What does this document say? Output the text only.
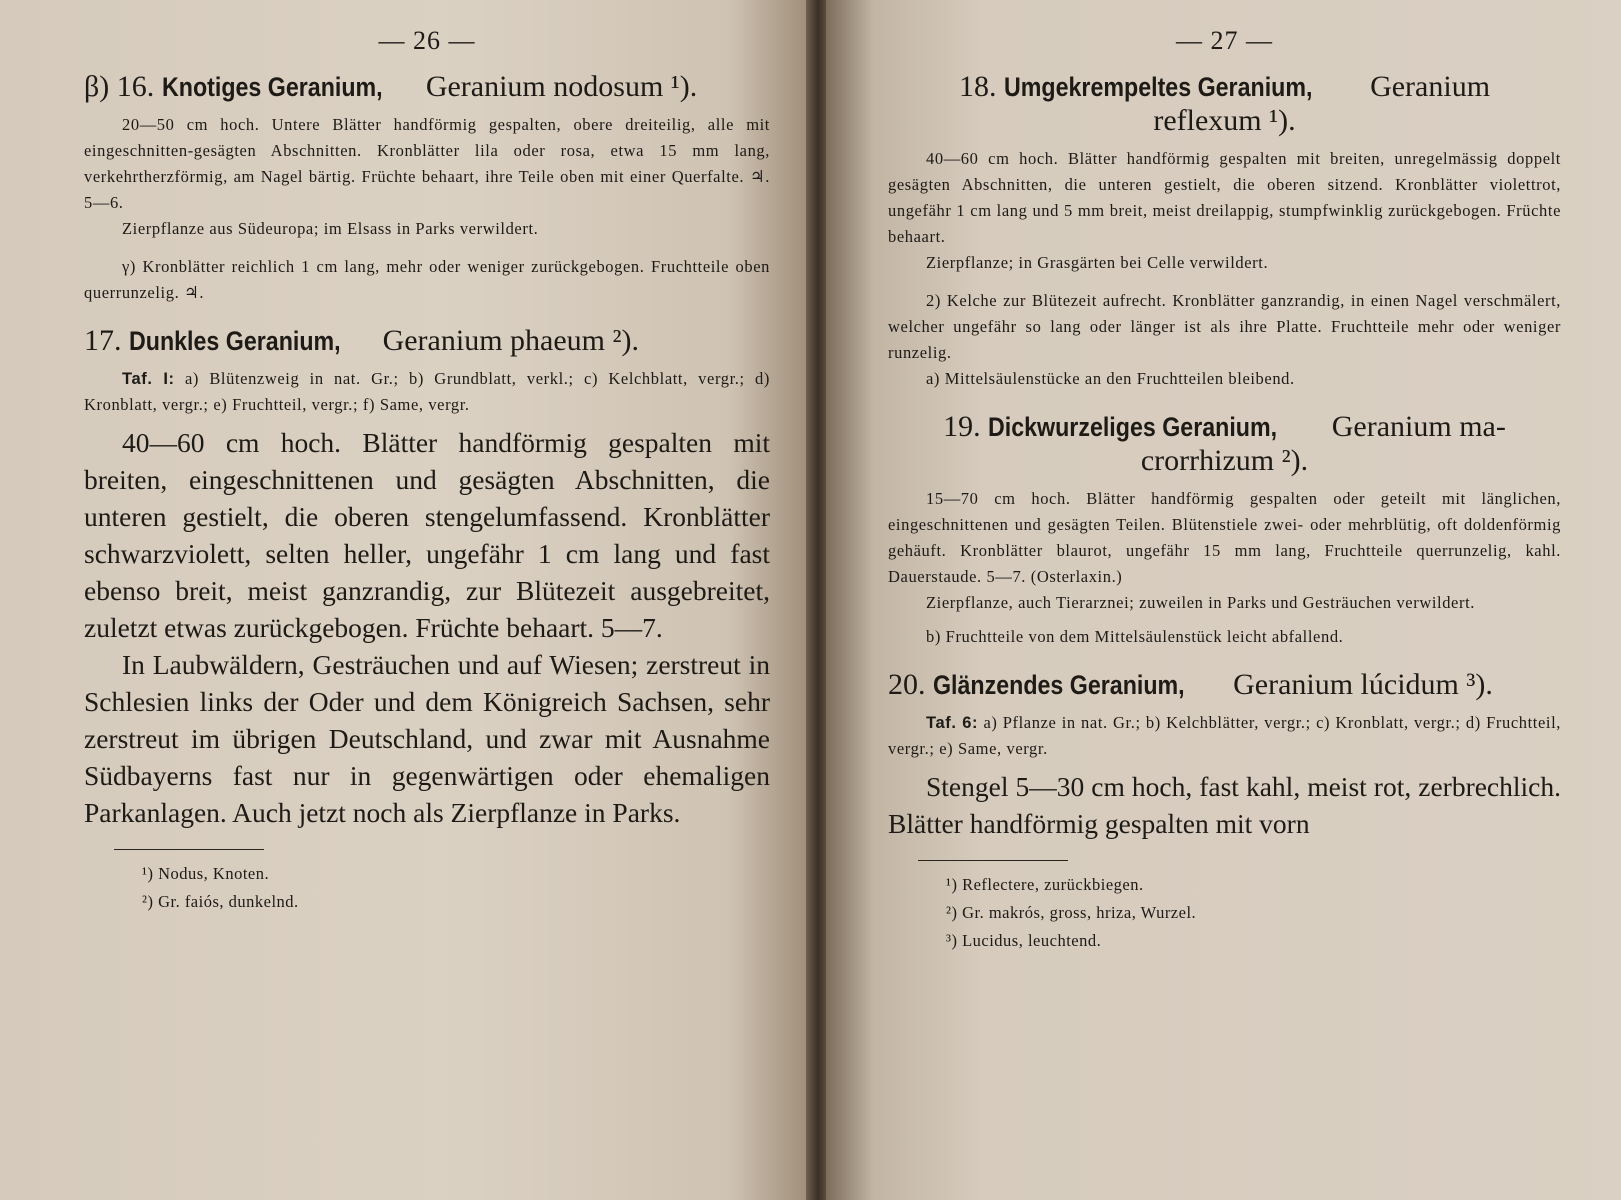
— 26 —
β) 16. Knotiges Geranium, Geranium nodosum ¹).

20—50 cm hoch. Untere Blätter handförmig gespalten, obere dreiteilig, alle mit eingeschnitten-gesägten Abschnitten. Kronblätter lila oder rosa, etwa 15 mm lang, verkehrtherzförmig, am Nagel bärtig. Früchte behaart, ihre Teile oben mit einer Querfalte. ♃. 5—6.

Zierpflanze aus Südeuropa; im Elsass in Parks verwildert.

γ) Kronblätter reichlich 1 cm lang, mehr oder weniger zurückgebogen. Fruchtteile oben querrunzelig. ♃.

17. Dunkles Geranium, Geranium phaeum ²).

Taf. I: a) Blütenzweig in nat. Gr.; b) Grundblatt, verkl.; c) Kelchblatt, vergr.; d) Kronblatt, vergr.; e) Fruchtteil, vergr.; f) Same, vergr.

40—60 cm hoch. Blätter handförmig gespalten mit breiten, eingeschnittenen und gesägten Abschnitten, die unteren gestielt, die oberen stengelumfassend. Kronblätter schwarzviolett, selten heller, ungefähr 1 cm lang und fast ebenso breit, meist ganzrandig, zur Blütezeit ausgebreitet, zuletzt etwas zurückgebogen. Früchte behaart. 5—7.

In Laubwäldern, Gesträuchen und auf Wiesen; zerstreut in Schlesien links der Oder und dem Königreich Sachsen, sehr zerstreut im übrigen Deutschland, und zwar mit Ausnahme Südbayerns fast nur in gegenwärtigen oder ehemaligen Parkanlagen. Auch jetzt noch als Zierpflanze in Parks.

¹) Nodus, Knoten.

²) Gr. faiós, dunkelnd.

— 27 —
18. Umgekrempeltes Geranium, Geranium
reflexum ¹).

40—60 cm hoch. Blätter handförmig gespalten mit breiten, unregelmässig doppelt gesägten Abschnitten, die unteren gestielt, die oberen sitzend. Kronblätter violettrot, ungefähr 1 cm lang und 5 mm breit, meist dreilappig, stumpfwinklig zurückgebogen. Früchte behaart.

Zierpflanze; in Grasgärten bei Celle verwildert.

2) Kelche zur Blütezeit aufrecht. Kronblätter ganzrandig, in einen Nagel verschmälert, welcher ungefähr so lang oder länger ist als ihre Platte. Fruchtteile mehr oder weniger runzelig.

a) Mittelsäulenstücke an den Fruchtteilen bleibend.

19. Dickwurzeliges Geranium, Geranium ma-
crorrhizum ²).

15—70 cm hoch. Blätter handförmig gespalten oder geteilt mit länglichen, eingeschnittenen und gesägten Teilen. Blütenstiele zwei- oder mehrblütig, oft doldenförmig gehäuft. Kronblätter blaurot, ungefähr 15 mm lang, Fruchtteile querrunzelig, kahl. Dauerstaude. 5—7. (Osterlaxin.)

Zierpflanze, auch Tierarznei; zuweilen in Parks und Gesträuchen verwildert.

b) Fruchtteile von dem Mittelsäulenstück leicht abfallend.

20. Glänzendes Geranium, Geranium lúcidum ³).

Taf. 6: a) Pflanze in nat. Gr.; b) Kelchblätter, vergr.; c) Kronblatt, vergr.; d) Fruchtteil, vergr.; e) Same, vergr.

Stengel 5—30 cm hoch, fast kahl, meist rot, zerbrechlich. Blätter handförmig gespalten mit vorn

¹) Reflectere, zurückbiegen.

²) Gr. makrós, gross, hriza, Wurzel.

³) Lucidus, leuchtend.
